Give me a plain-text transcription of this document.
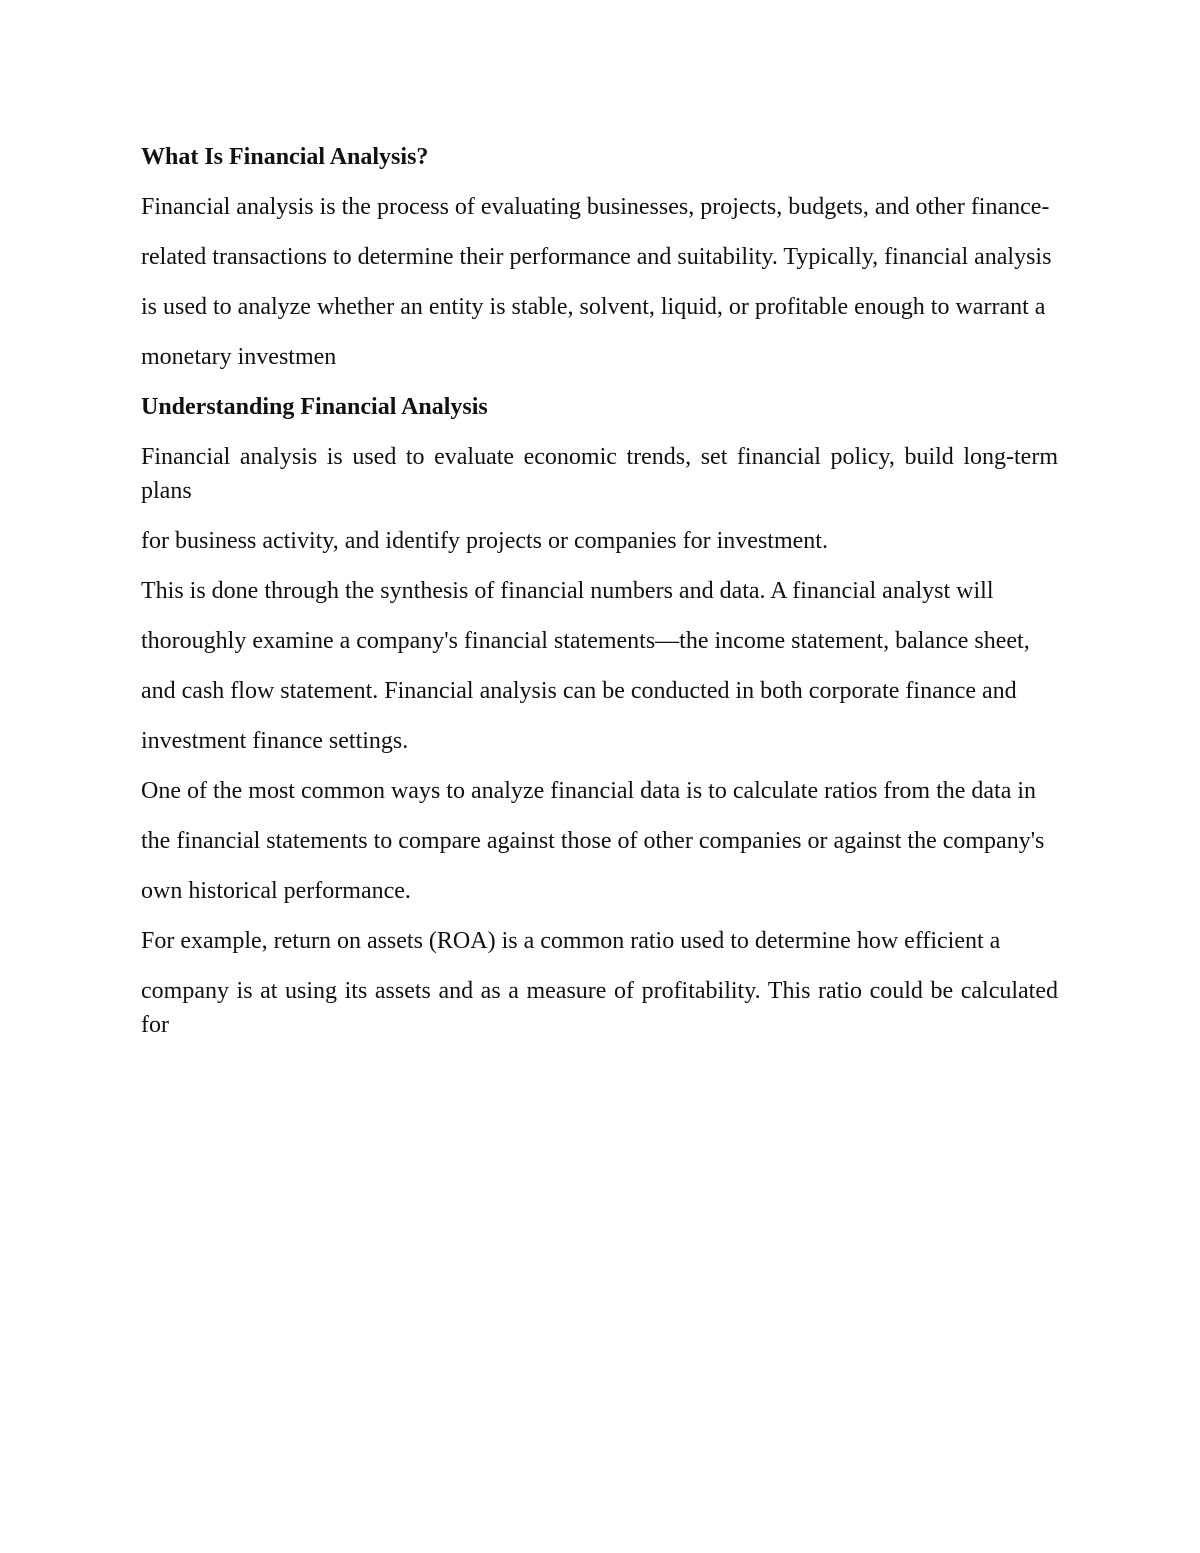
What Is Financial Analysis?

Financial analysis is the process of evaluating businesses, projects, budgets, and other finance-

related transactions to determine their performance and suitability. Typically, financial analysis

is used to analyze whether an entity is stable, solvent, liquid, or profitable enough to warrant a

monetary investmen

Understanding Financial Analysis

Financial analysis is used to evaluate economic trends, set financial policy, build long-term plans

for business activity, and identify projects or companies for investment.

This is done through the synthesis of financial numbers and data. A financial analyst will

thoroughly examine a company's financial statements—the income statement, balance sheet,

and cash flow statement. Financial analysis can be conducted in both corporate finance and

investment finance settings.

One of the most common ways to analyze financial data is to calculate ratios from the data in

the financial statements to compare against those of other companies or against the company's

own historical performance.

For example, return on assets (ROA) is a common ratio used to determine how efficient a

company is at using its assets and as a measure of profitability. This ratio could be calculated for
